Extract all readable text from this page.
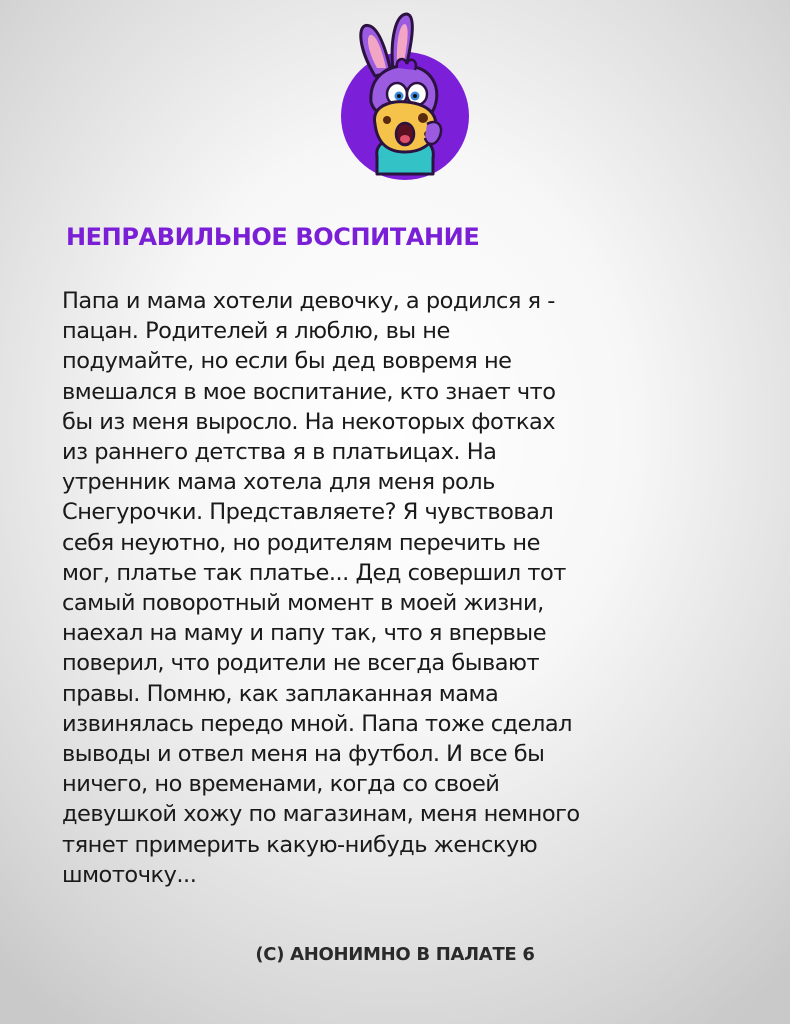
НЕПРАВИЛЬНОЕ ВОСПИТАНИЕ
Папа и мама хотели девочку, а родился я -
пацан. Родителей я люблю, вы не
подумайте, но если бы дед вовремя не
вмешался в мое воспитание, кто знает что
бы из меня выросло. На некоторых фотках
из раннего детства я в платьицах. На
утренник мама хотела для меня роль
Снегурочки. Представляете? Я чувствовал
себя неуютно, но родителям перечить не
мог, платье так платье... Дед совершил тот
самый поворотный момент в моей жизни,
наехал на маму и папу так, что я впервые
поверил, что родители не всегда бывают
правы. Помню, как заплаканная мама
извинялась передо мной. Папа тоже сделал
выводы и отвел меня на футбол. И все бы
ничего, но временами, когда со своей
девушкой хожу по магазинам, меня немного
тянет примерить какую-нибудь женскую
шмоточку...
(С) АНОНИМНО В ПАЛАТЕ 6
